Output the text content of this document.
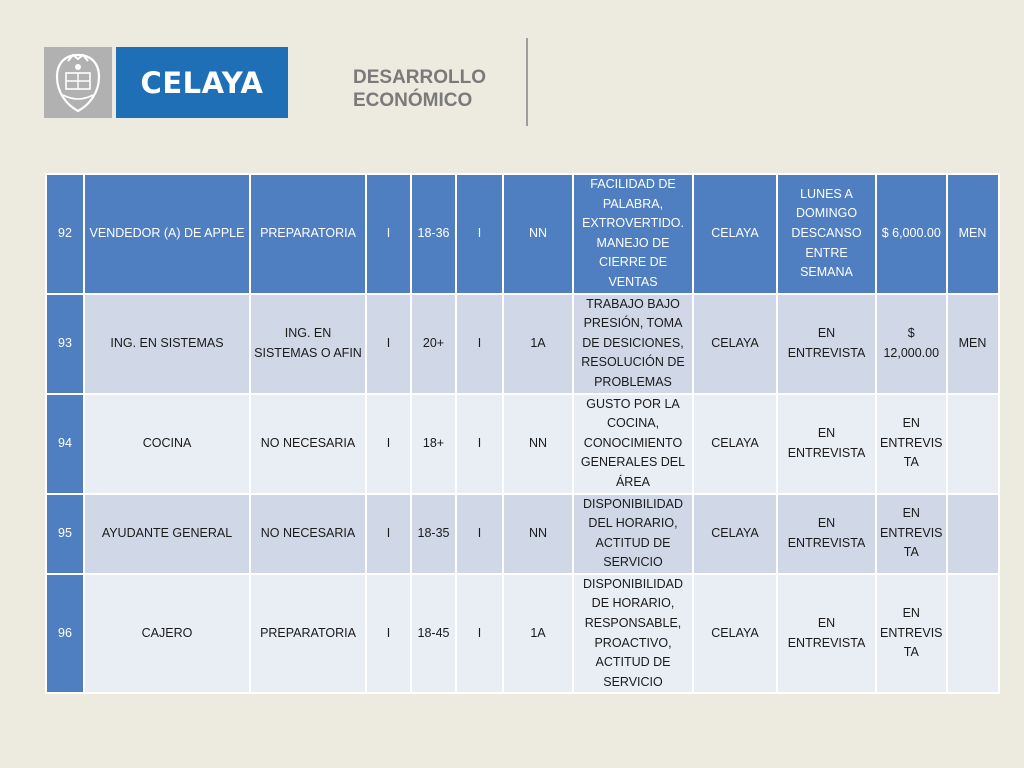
CELAYA	DESARROLLO
ECONÓMICO
92	VENDEDOR (A) DE APPLE	PREPARATORIA	I	18-36	I	NN	FACILIDAD DE PALABRA, EXTROVERTIDO. MANEJO DE CIERRE DE VENTAS	CELAYA	LUNES A DOMINGO DESCANSO ENTRE SEMANA	$ 6,000.00	MEN
93	ING. EN SISTEMAS	ING. EN SISTEMAS O AFIN	I	20+	I	1A	TRABAJO BAJO PRESIÓN, TOMA DE DESICIONES, RESOLUCIÓN DE PROBLEMAS	CELAYA	EN ENTREVISTA	$ 12,000.00	MEN
94	COCINA	NO NECESARIA	I	18+	I	NN	GUSTO POR LA COCINA, CONOCIMIENTO GENERALES DEL ÁREA	CELAYA	EN ENTREVISTA	EN ENTREVIS TA	
95	AYUDANTE GENERAL	NO NECESARIA	I	18-35	I	NN	DISPONIBILIDAD DEL HORARIO, ACTITUD DE SERVICIO	CELAYA	EN ENTREVISTA	EN ENTREVIS TA	
96	CAJERO	PREPARATORIA	I	18-45	I	1A	DISPONIBILIDAD DE HORARIO, RESPONSABLE, PROACTIVO, ACTITUD DE SERVICIO	CELAYA	EN ENTREVISTA	EN ENTREVIS TA	
